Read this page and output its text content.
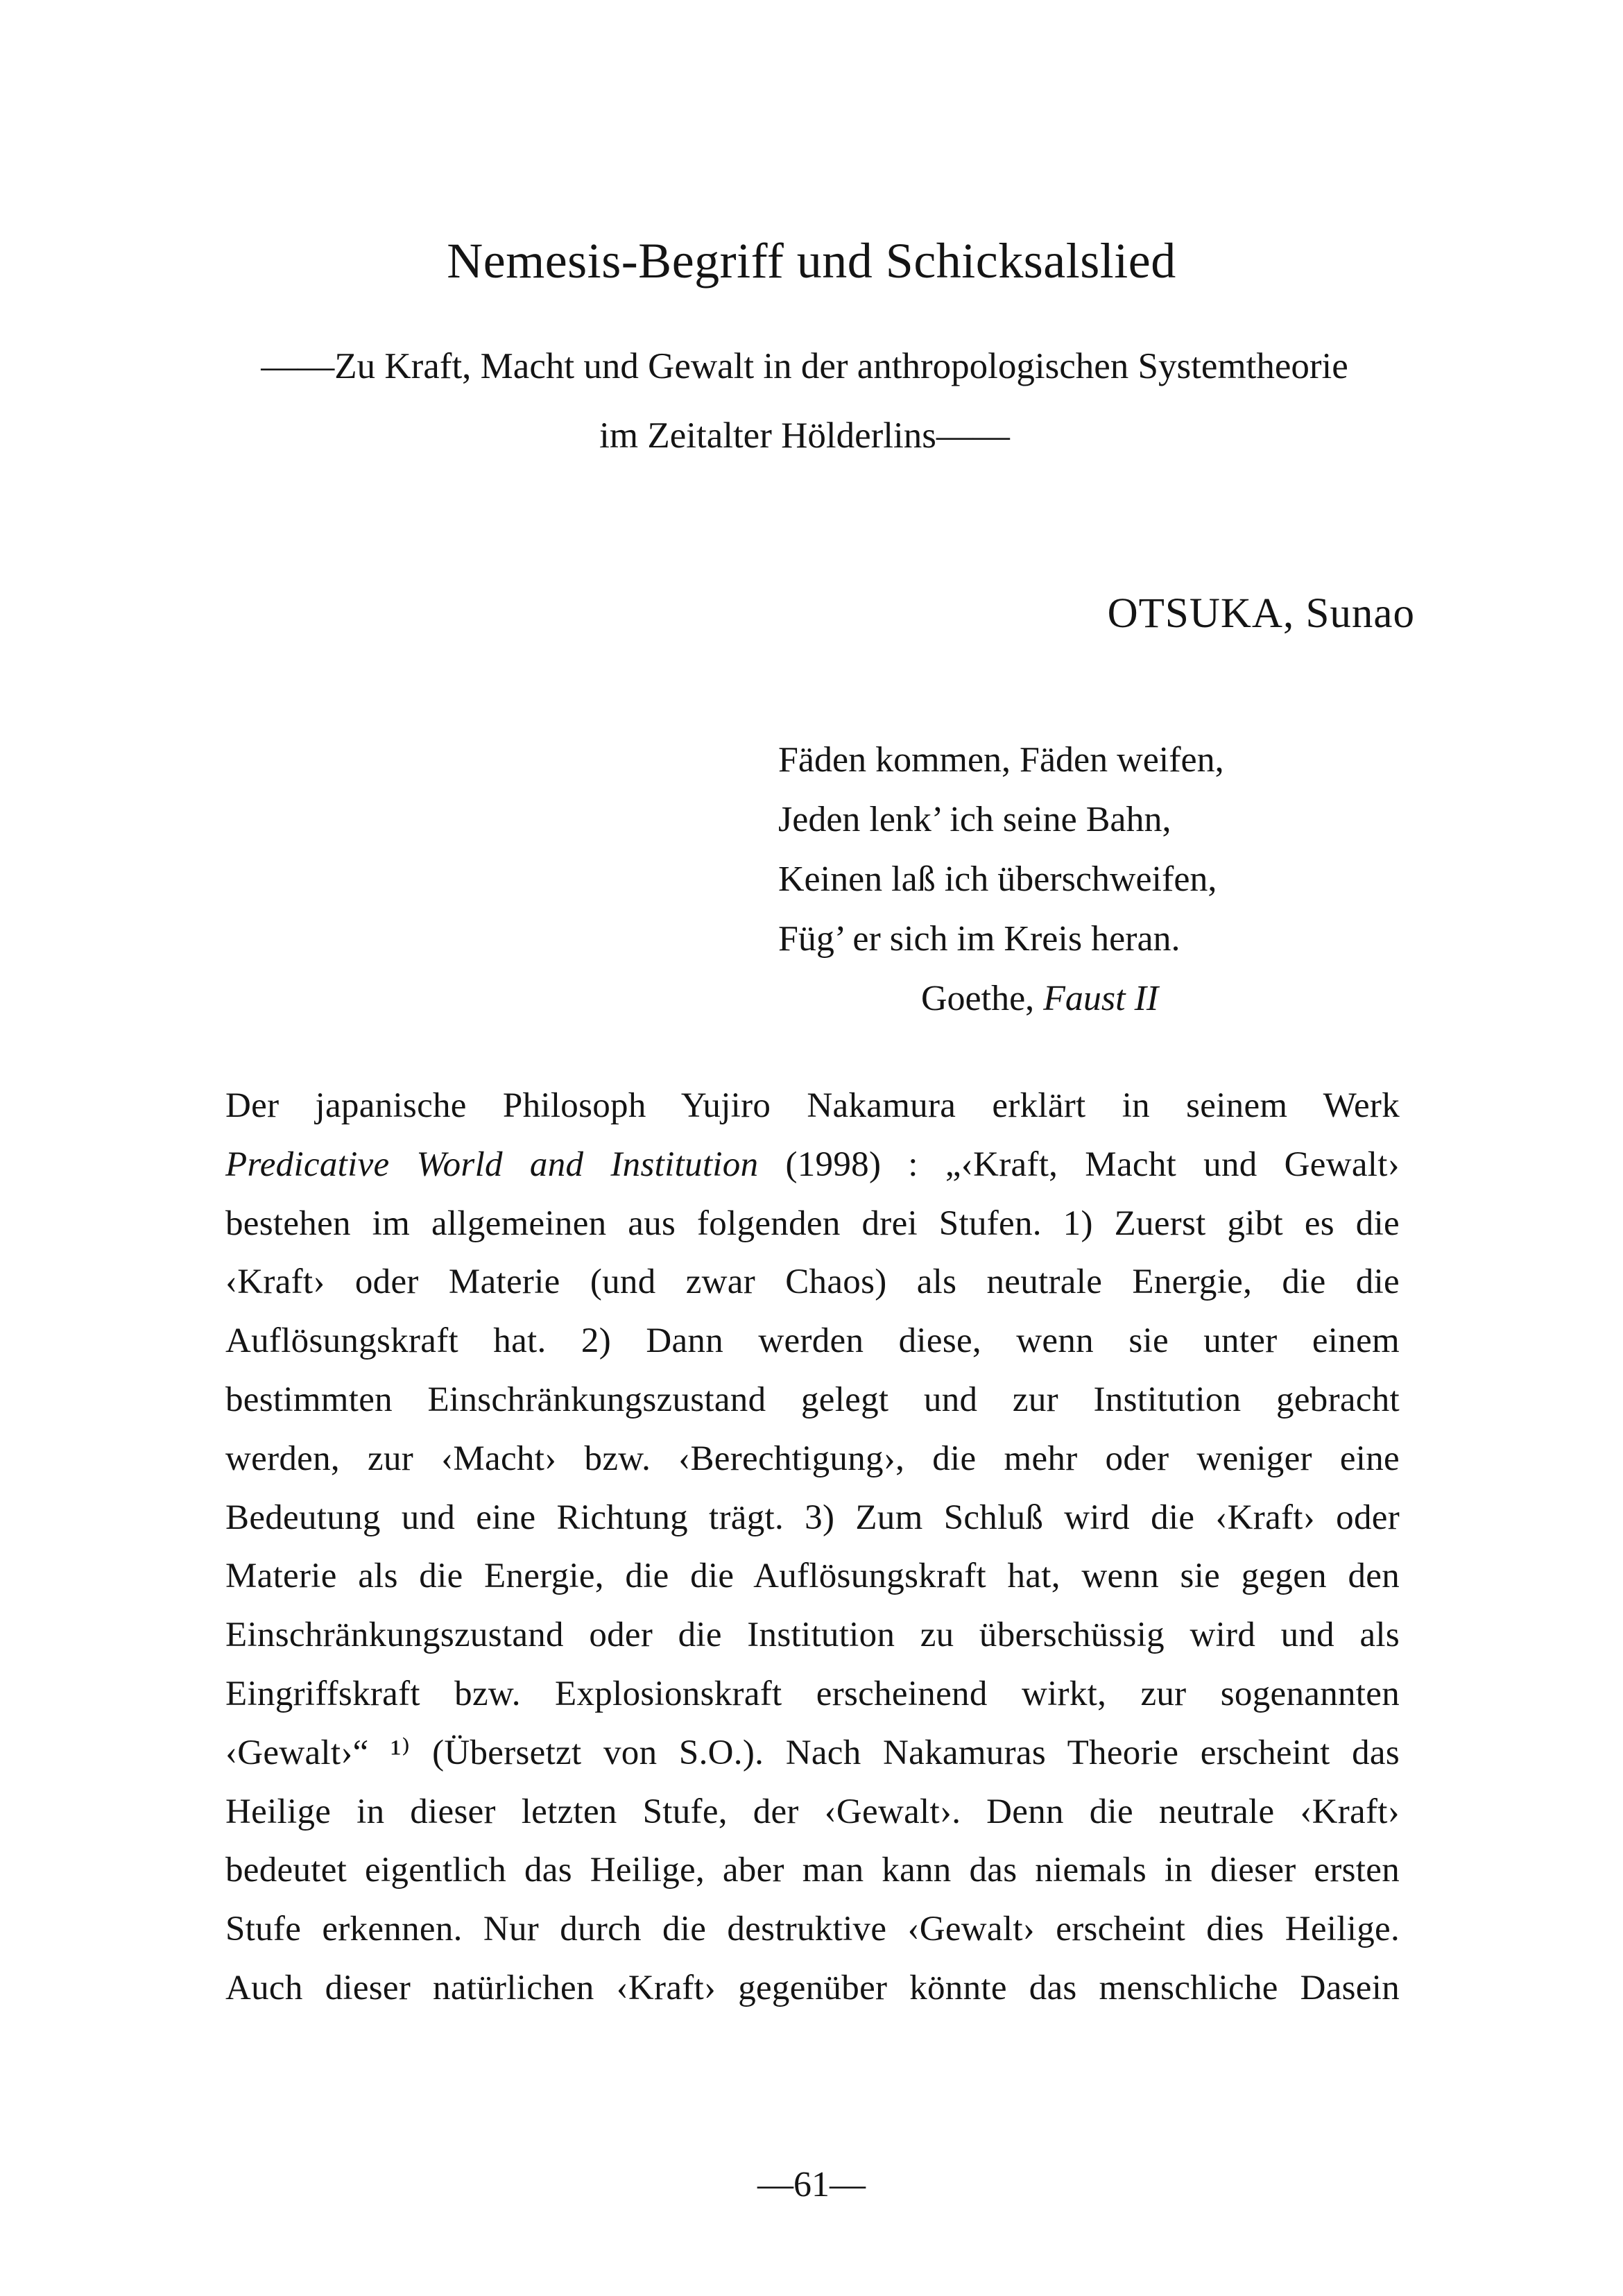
Nemesis-Begriff und Schicksalslied
——Zu Kraft, Macht und Gewalt in der anthropologischen Systemtheorie
im Zeitalter Hölderlins——
OTSUKA, Sunao
Fäden kommen, Fäden weifen,
Jeden lenk’ ich seine Bahn,
Keinen laß ich überschweifen,
Füg’ er sich im Kreis heran.
Goethe, Faust II
Der japanische Philosoph Yujiro Nakamura erklärt in seinem Werk
Predicative World and Institution (1998) : „‹Kraft, Macht und Gewalt›
bestehen im allgemeinen aus folgenden drei Stufen. 1) Zuerst gibt es die
‹Kraft› oder Materie (und zwar Chaos) als neutrale Energie, die die
Auflösungskraft hat. 2) Dann werden diese, wenn sie unter einem
bestimmten Einschränkungszustand gelegt und zur Institution gebracht
werden, zur ‹Macht› bzw. ‹Berechtigung›, die mehr oder weniger eine
Bedeutung und eine Richtung trägt. 3) Zum Schluß wird die ‹Kraft› oder
Materie als die Energie, die die Auflösungskraft hat, wenn sie gegen den
Einschränkungszustand oder die Institution zu überschüssig wird und als
Eingriffskraft bzw. Explosionskraft erscheinend wirkt, zur sogenannten
‹Gewalt›“ ¹⁾ (Übersetzt von S.O.). Nach Nakamuras Theorie erscheint das
Heilige in dieser letzten Stufe, der ‹Gewalt›. Denn die neutrale ‹Kraft›
bedeutet eigentlich das Heilige, aber man kann das niemals in dieser ersten
Stufe erkennen. Nur durch die destruktive ‹Gewalt› erscheint dies Heilige.
Auch dieser natürlichen ‹Kraft› gegenüber könnte das menschliche Dasein
—61—
